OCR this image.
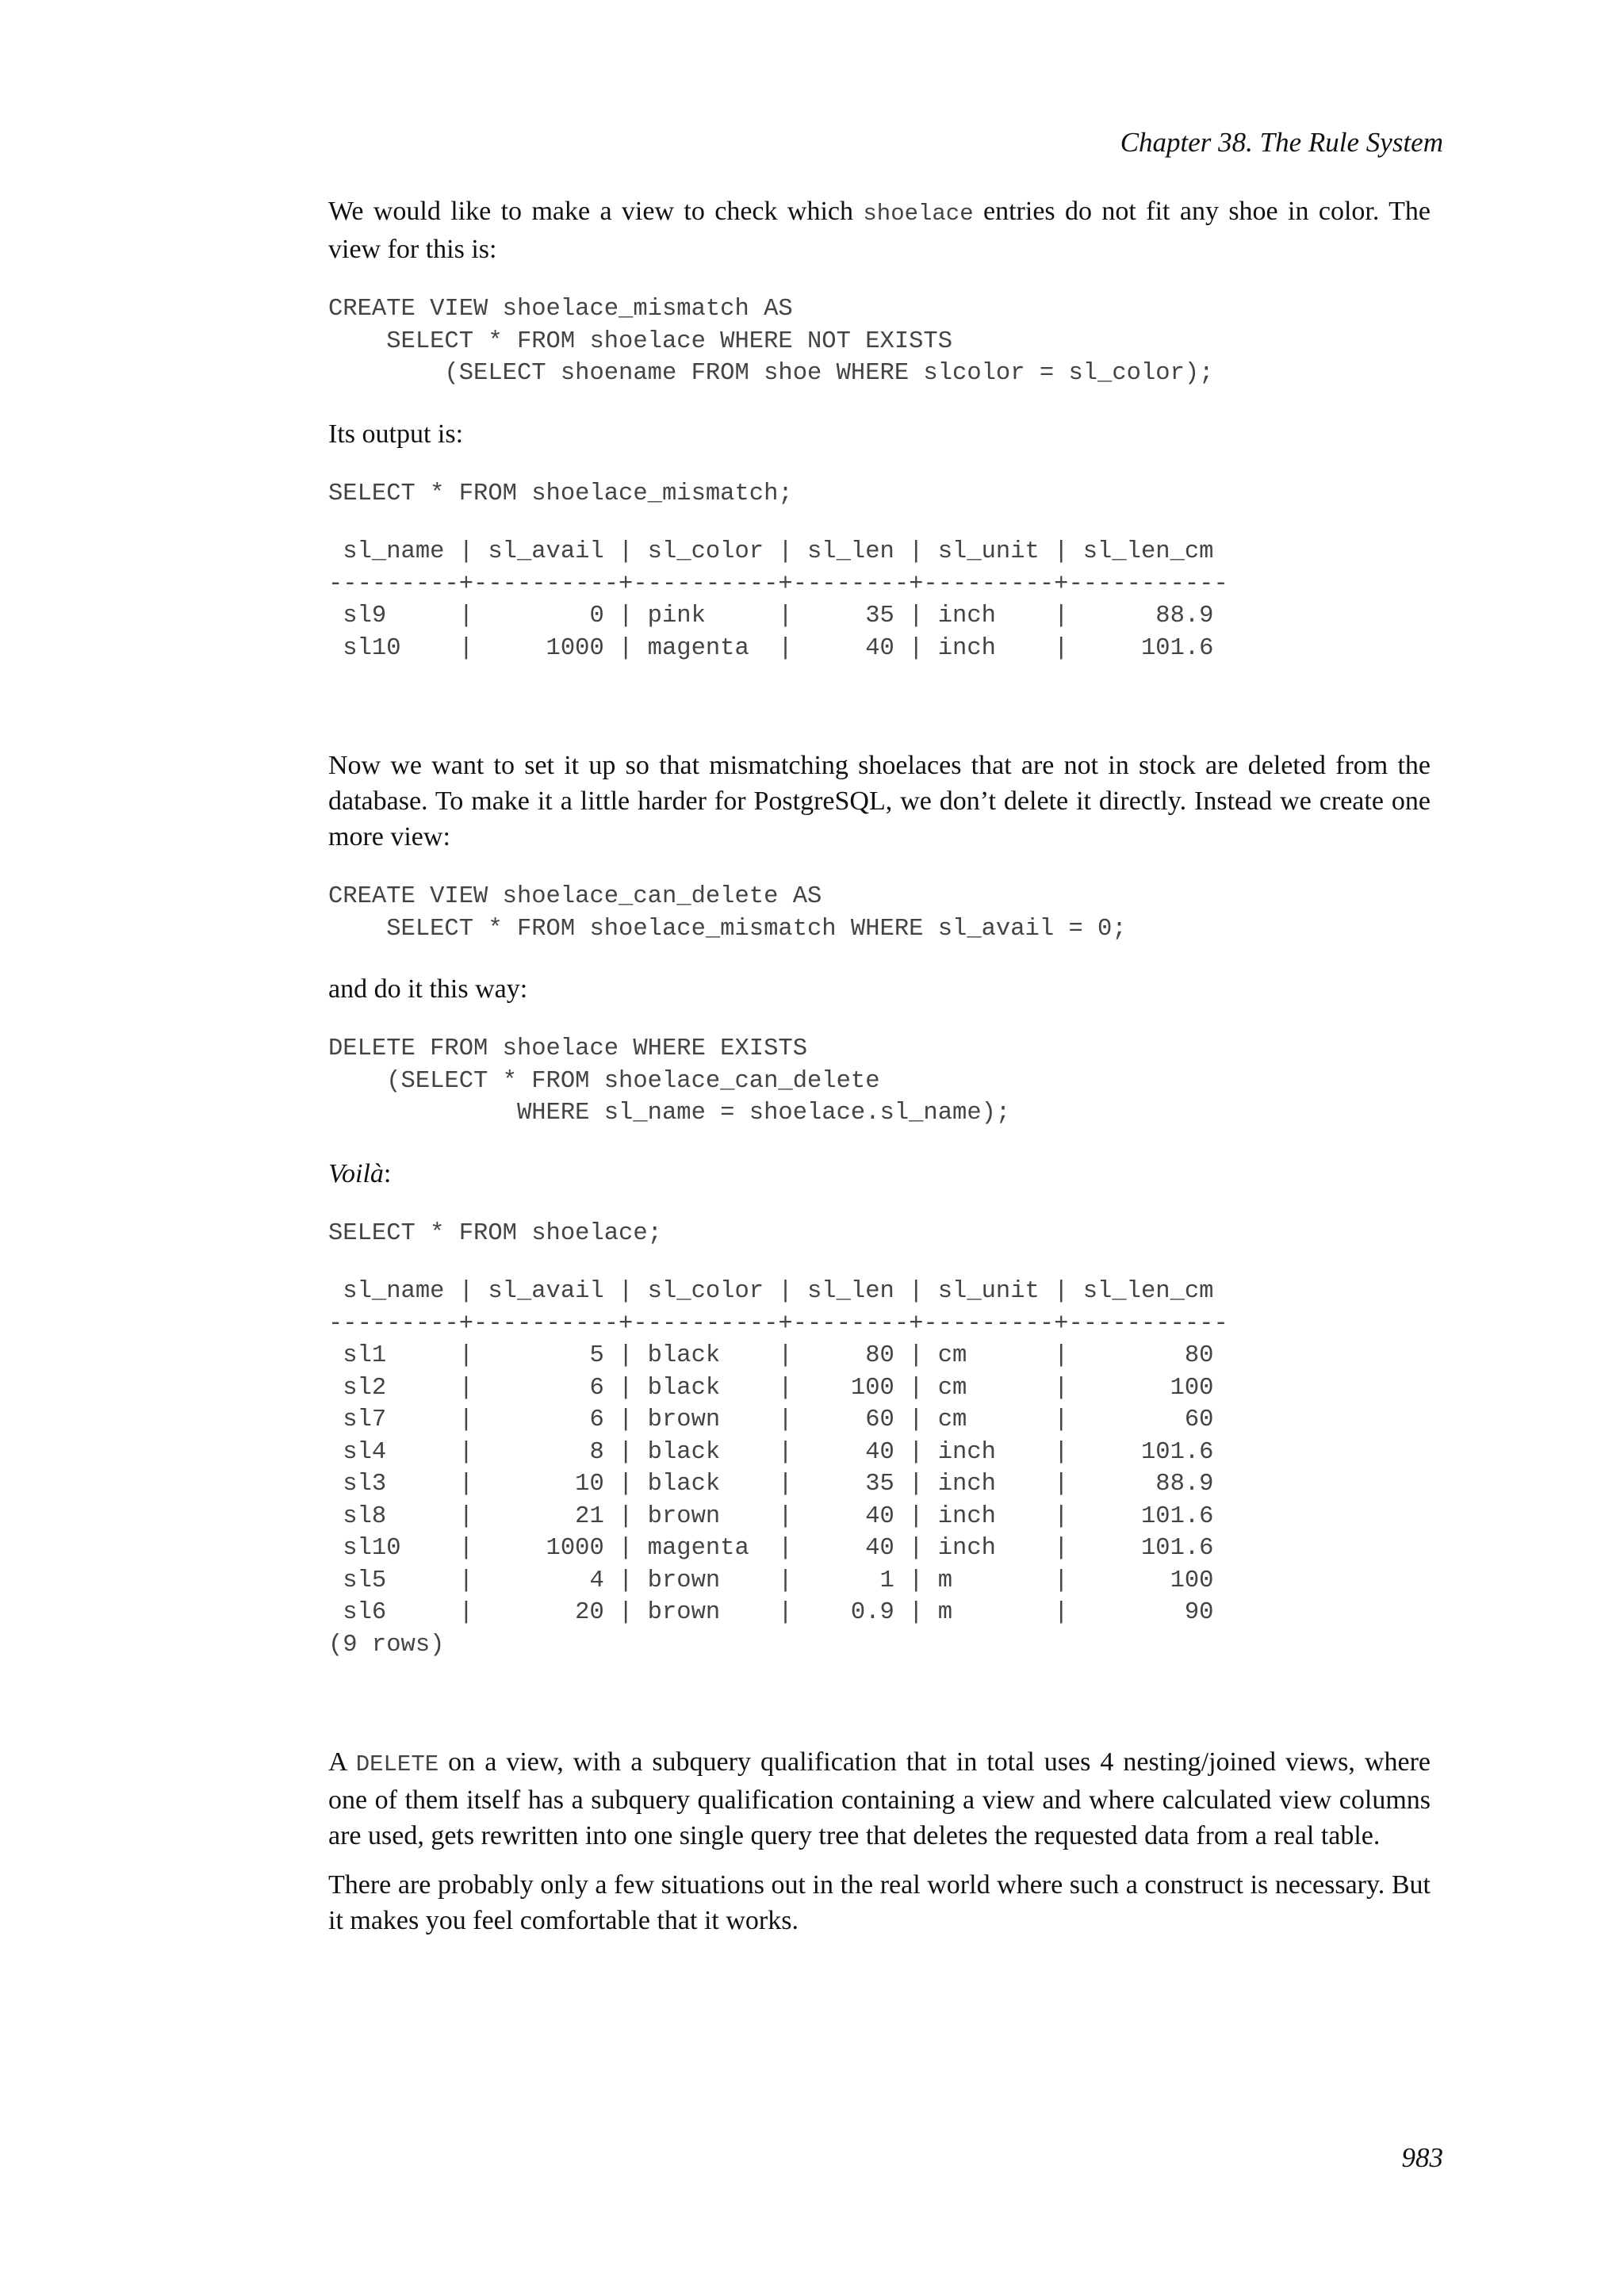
Chapter 38. The Rule System

We would like to make a view to check which shoelace entries do not fit any shoe in color. The view for this is:

CREATE VIEW shoelace_mismatch AS
SELECT * FROM shoelace WHERE NOT EXISTS
(SELECT shoename FROM shoe WHERE slcolor = sl_color);

Its output is:

SELECT * FROM shoelace_mismatch;
sl_name | sl_avail | sl_color | sl_len | sl_unit | sl_len_cm
---------+----------+----------+--------+---------+-----------
sl9     |        0 | pink     |     35 | inch    |      88.9
sl10    |     1000 | magenta  |     40 | inch    |     101.6

Now we want to set it up so that mismatching shoelaces that are not in stock are deleted from the database. To make it a little harder for PostgreSQL, we don’t delete it directly. Instead we create one more view:

CREATE VIEW shoelace_can_delete AS
SELECT * FROM shoelace_mismatch WHERE sl_avail = 0;

and do it this way:

DELETE FROM shoelace WHERE EXISTS
(SELECT * FROM shoelace_can_delete
WHERE sl_name = shoelace.sl_name);

Voilà:

SELECT * FROM shoelace;
sl_name | sl_avail | sl_color | sl_len | sl_unit | sl_len_cm
---------+----------+----------+--------+---------+-----------
sl1     |        5 | black    |     80 | cm      |        80
sl2     |        6 | black    |    100 | cm      |       100
sl7     |        6 | brown    |     60 | cm      |        60
sl4     |        8 | black    |     40 | inch    |     101.6
sl3     |       10 | black    |     35 | inch    |      88.9
sl8     |       21 | brown    |     40 | inch    |     101.6
sl10    |     1000 | magenta  |     40 | inch    |     101.6
sl5     |        4 | brown    |      1 | m       |       100
sl6     |       20 | brown    |    0.9 | m       |        90
(9 rows)

A DELETE on a view, with a subquery qualification that in total uses 4 nesting/joined views, where one of them itself has a subquery qualification containing a view and where calculated view columns are used, gets rewritten into one single query tree that deletes the requested data from a real table.

There are probably only a few situations out in the real world where such a construct is necessary. But it makes you feel comfortable that it works.

983
